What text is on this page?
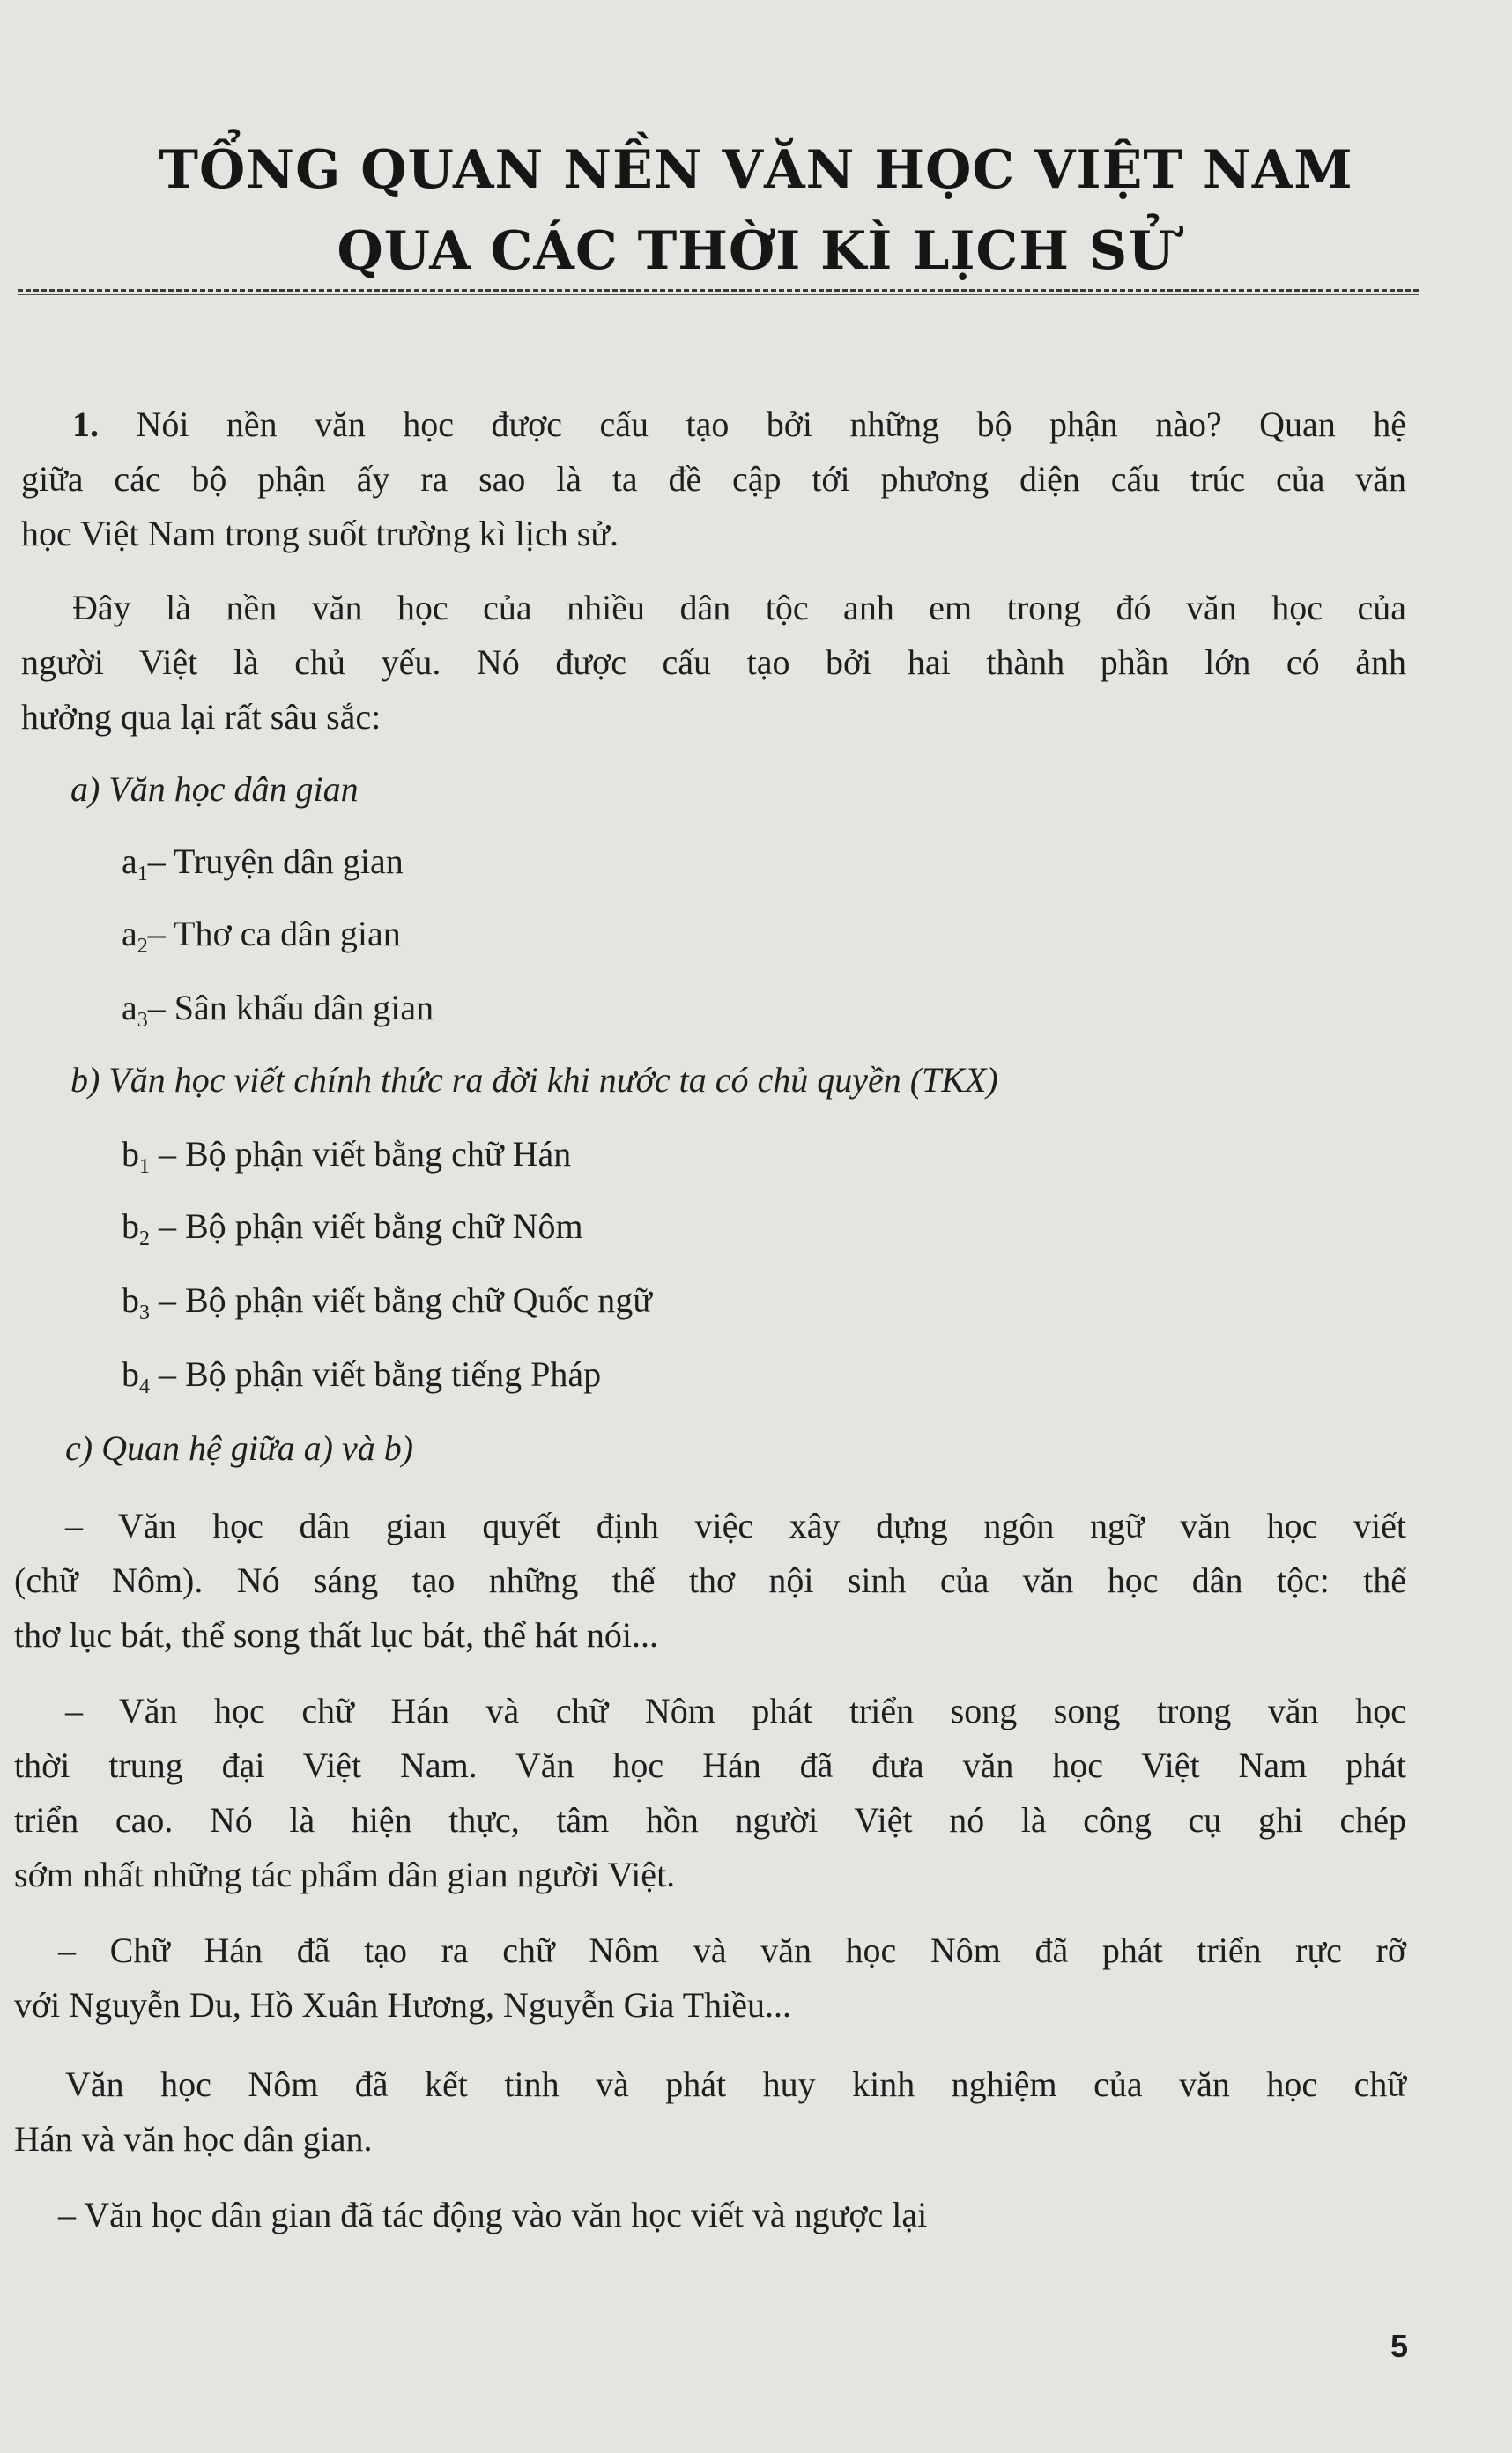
TỔNG QUAN NỀN VĂN HỌC VIỆT NAM
QUA CÁC THỜI KÌ LỊCH SỬ
1. Nói nền văn học được cấu tạo bởi những bộ phận nào? Quan hệ
giữa các bộ phận ấy ra sao là ta đề cập tới phương diện cấu trúc của văn
học Việt Nam trong suốt trường kì lịch sử.
Đây là nền văn học của nhiều dân tộc anh em trong đó văn học của
người Việt là chủ yếu. Nó được cấu tạo bởi hai thành phần lớn có ảnh
hưởng qua lại rất sâu sắc:
a) Văn học dân gian
$a_1-$ Truyện dân gian
$a_2-$ Thơ ca dân gian
$a_3-$ Sân khấu dân gian
b) Văn học viết chính thức ra đời khi nước ta có chủ quyền (TKX)
$b_1$ – Bộ phận viết bằng chữ Hán
$b_2$ – Bộ phận viết bằng chữ Nôm
$b_3$ – Bộ phận viết bằng chữ Quốc ngữ
$b_4$ – Bộ phận viết bằng tiếng Pháp
c) Quan hệ giữa a) và b)
– Văn học dân gian quyết định việc xây dựng ngôn ngữ văn học viết
(chữ Nôm). Nó sáng tạo những thể thơ nội sinh của văn học dân tộc: thể
thơ lục bát, thể song thất lục bát, thể hát nói...
– Văn học chữ Hán và chữ Nôm phát triển song song trong văn học
thời trung đại Việt Nam. Văn học Hán đã đưa văn học Việt Nam phát
triển cao. Nó là hiện thực, tâm hồn người Việt nó là công cụ ghi chép
sớm nhất những tác phẩm dân gian người Việt.
– Chữ Hán đã tạo ra chữ Nôm và văn học Nôm đã phát triển rực rỡ
với Nguyễn Du, Hồ Xuân Hương, Nguyễn Gia Thiều...
Văn học Nôm đã kết tinh và phát huy kinh nghiệm của văn học chữ
Hán và văn học dân gian.
– Văn học dân gian đã tác động vào văn học viết và ngược lại
5
